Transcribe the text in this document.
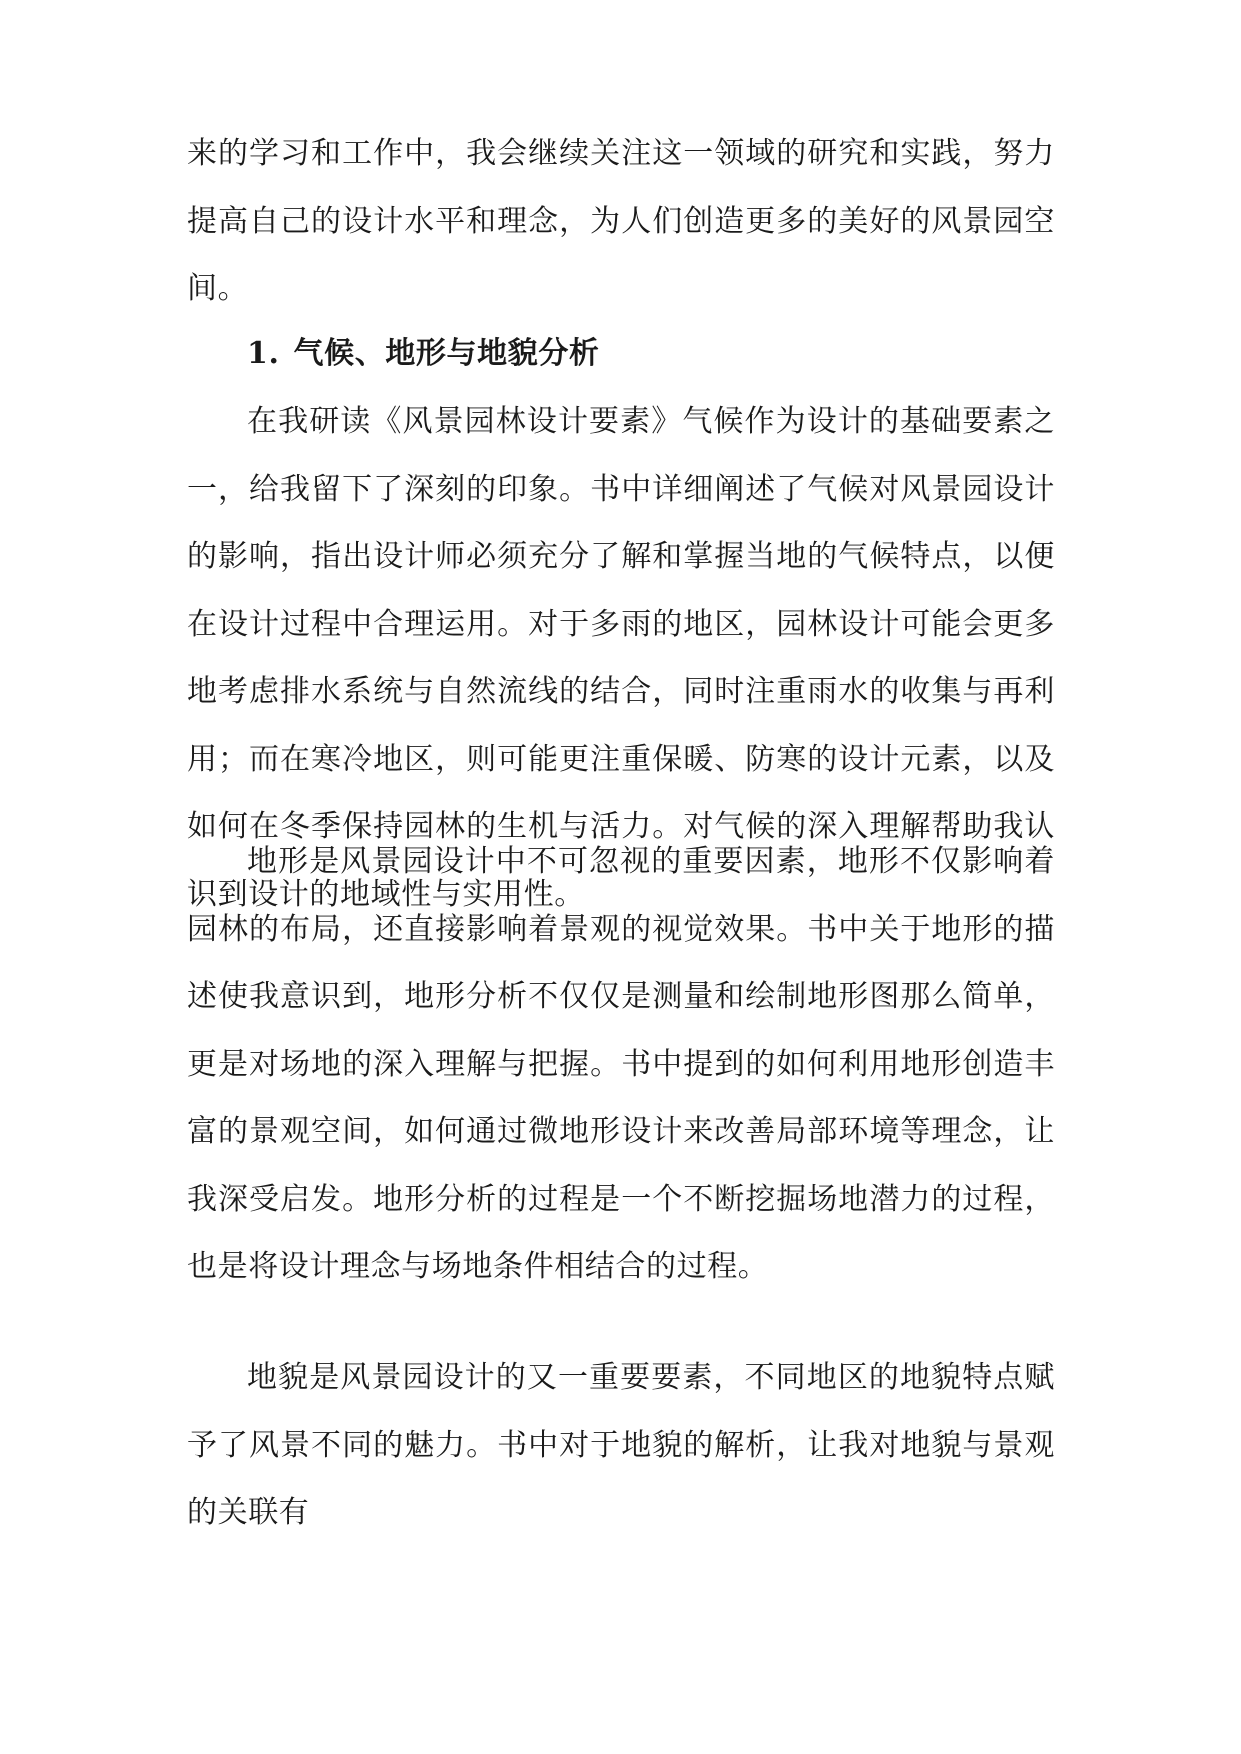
来的学习和工作中，我会继续关注这一领域的研究和实践，努力提高自己的设计水平和理念，为人们创造更多的美好的风景园空间。

1. 气候、地形与地貌分析

在我研读《风景园林设计要素》气候作为设计的基础要素之一，给我留下了深刻的印象。书中详细阐述了气候对风景园设计的影响，指出设计师必须充分了解和掌握当地的气候特点，以便在设计过程中合理运用。对于多雨的地区，园林设计可能会更多地考虑排水系统与自然流线的结合，同时注重雨水的收集与再利用；而在寒冷地区，则可能更注重保暖、防寒的设计元素，以及如何在冬季保持园林的生机与活力。对气候的深入理解帮助我认识到设计的地域性与实用性。

地形是风景园设计中不可忽视的重要因素，地形不仅影响着园林的布局，还直接影响着景观的视觉效果。书中关于地形的描述使我意识到，地形分析不仅仅是测量和绘制地形图那么简单，更是对场地的深入理解与把握。书中提到的如何利用地形创造丰富的景观空间，如何通过微地形设计来改善局部环境等理念，让我深受启发。地形分析的过程是一个不断挖掘场地潜力的过程，也是将设计理念与场地条件相结合的过程。

地貌是风景园设计的又一重要要素，不同地区的地貌特点赋予了风景不同的魅力。书中对于地貌的解析，让我对地貌与景观的关联有
